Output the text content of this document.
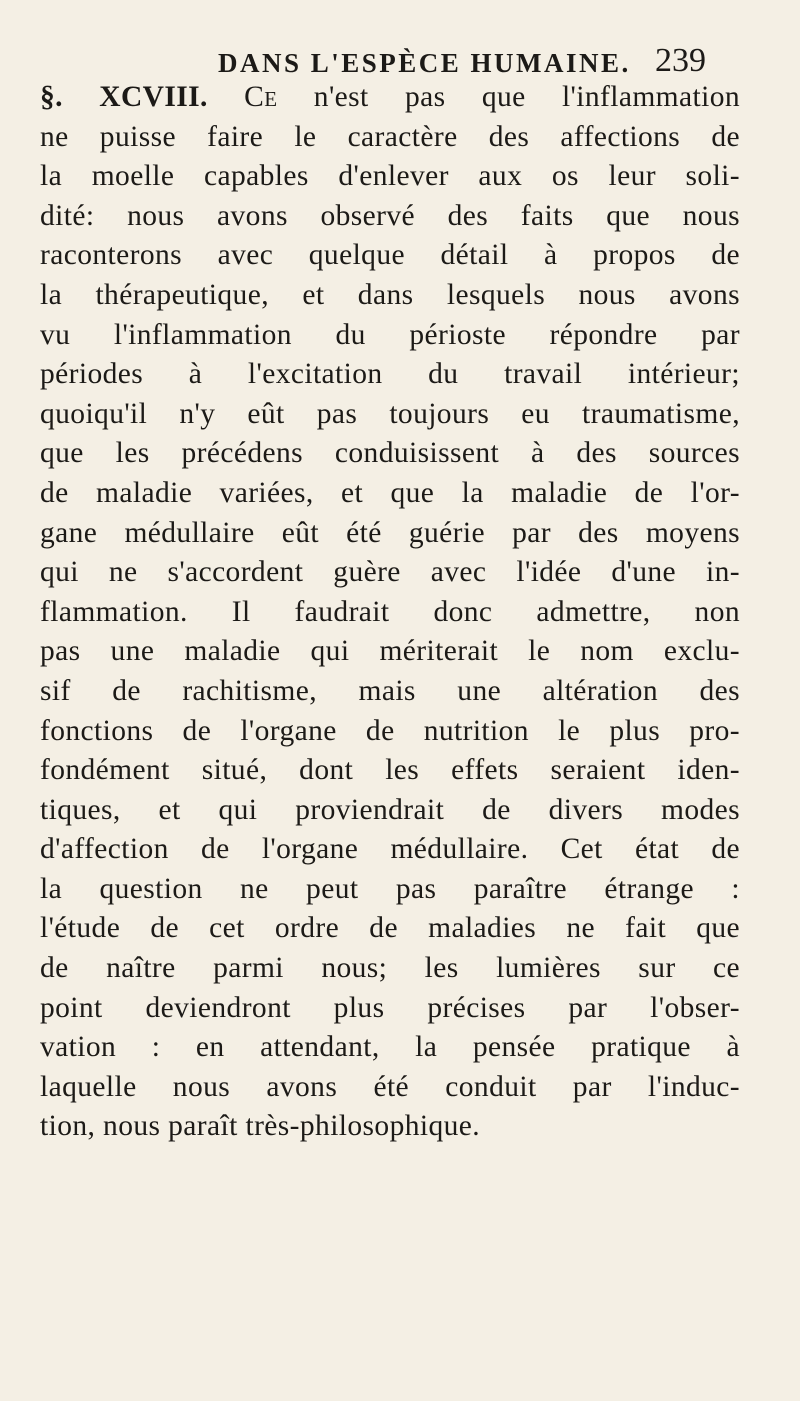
DANS L'ESPÈCE HUMAINE. 239
§. XCVIII. Ce n'est pas que l'inflammation
ne puisse faire le caractère des affections de
la moelle capables d'enlever aux os leur soli-
dité: nous avons observé des faits que nous
raconterons avec quelque détail à propos de
la thérapeutique, et dans lesquels nous avons
vu l'inflammation du périoste répondre par
périodes à l'excitation du travail intérieur;
quoiqu'il n'y eût pas toujours eu traumatisme,
que les précédens conduisissent à des sources
de maladie variées, et que la maladie de l'or-
gane médullaire eût été guérie par des moyens
qui ne s'accordent guère avec l'idée d'une in-
flammation. Il faudrait donc admettre, non
pas une maladie qui mériterait le nom exclu-
sif de rachitisme, mais une altération des
fonctions de l'organe de nutrition le plus pro-
fondément situé, dont les effets seraient iden-
tiques, et qui proviendrait de divers modes
d'affection de l'organe médullaire. Cet état de
la question ne peut pas paraître étrange :
l'étude de cet ordre de maladies ne fait que
de naître parmi nous; les lumières sur ce
point deviendront plus précises par l'obser-
vation : en attendant, la pensée pratique à
laquelle nous avons été conduit par l'induc-
tion, nous paraît très-philosophique.
